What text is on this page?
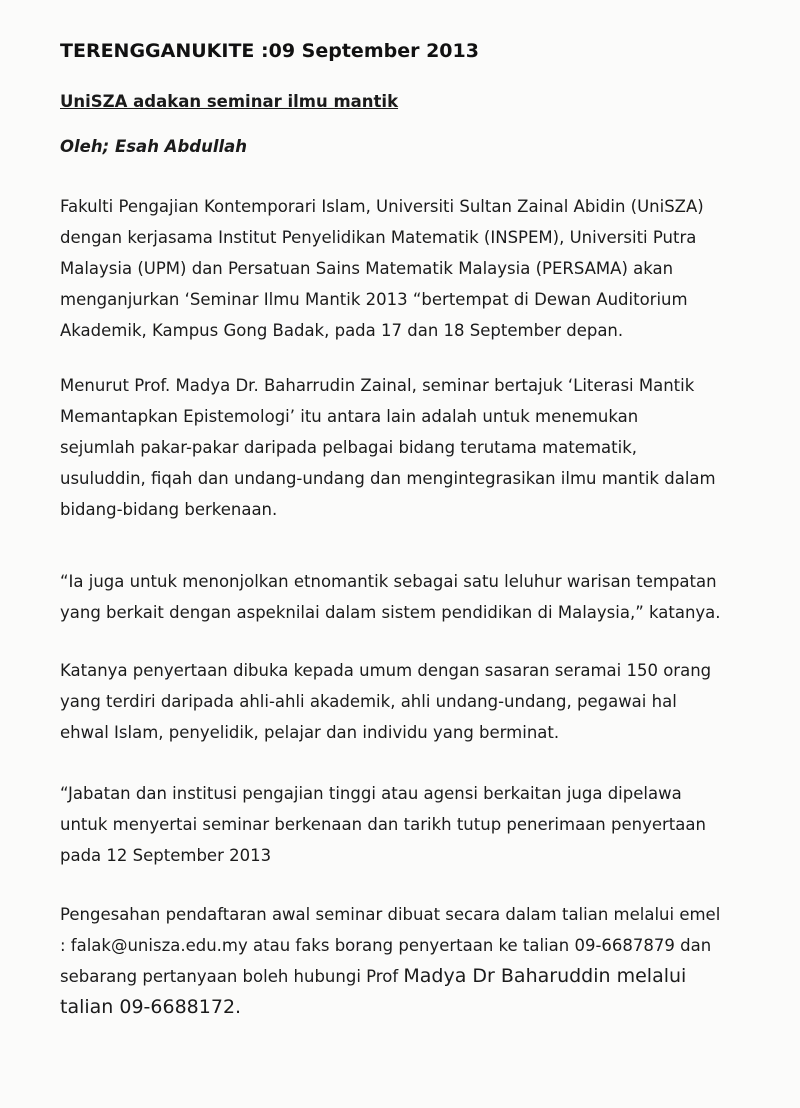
TERENGGANUKITE :09 September 2013
UniSZA adakan seminar ilmu mantik
Oleh; Esah Abdullah
Fakulti Pengajian Kontemporari Islam, Universiti Sultan Zainal Abidin (UniSZA)
dengan kerjasama Institut Penyelidikan Matematik (INSPEM), Universiti Putra
Malaysia (UPM) dan Persatuan Sains Matematik Malaysia (PERSAMA) akan
menganjurkan ‘Seminar Ilmu Mantik 2013 “bertempat di Dewan Auditorium
Akademik, Kampus Gong Badak, pada 17 dan 18 September depan.
Menurut Prof. Madya Dr. Baharrudin Zainal, seminar bertajuk ‘Literasi Mantik
Memantapkan Epistemologi’ itu antara lain adalah untuk menemukan
sejumlah pakar-pakar daripada pelbagai bidang terutama matematik,
usuluddin, fiqah dan undang-undang dan mengintegrasikan ilmu mantik dalam
bidang-bidang berkenaan.
“Ia juga untuk menonjolkan etnomantik sebagai satu leluhur warisan tempatan
yang berkait dengan aspeknilai dalam sistem pendidikan di Malaysia,” katanya.
Katanya penyertaan dibuka kepada umum dengan sasaran seramai 150 orang
yang terdiri daripada ahli-ahli akademik, ahli undang-undang, pegawai hal
ehwal Islam, penyelidik, pelajar dan individu yang berminat.
“Jabatan dan institusi pengajian tinggi atau agensi berkaitan juga dipelawa
untuk menyertai seminar berkenaan dan tarikh tutup penerimaan penyertaan
pada 12 September 2013
Pengesahan pendaftaran awal seminar dibuat secara dalam talian melalui emel
: falak@unisza.edu.my atau faks borang penyertaan ke talian 09-6687879 dan
sebarang pertanyaan boleh hubungi Prof Madya Dr Baharuddin melalui
talian 09-6688172.
